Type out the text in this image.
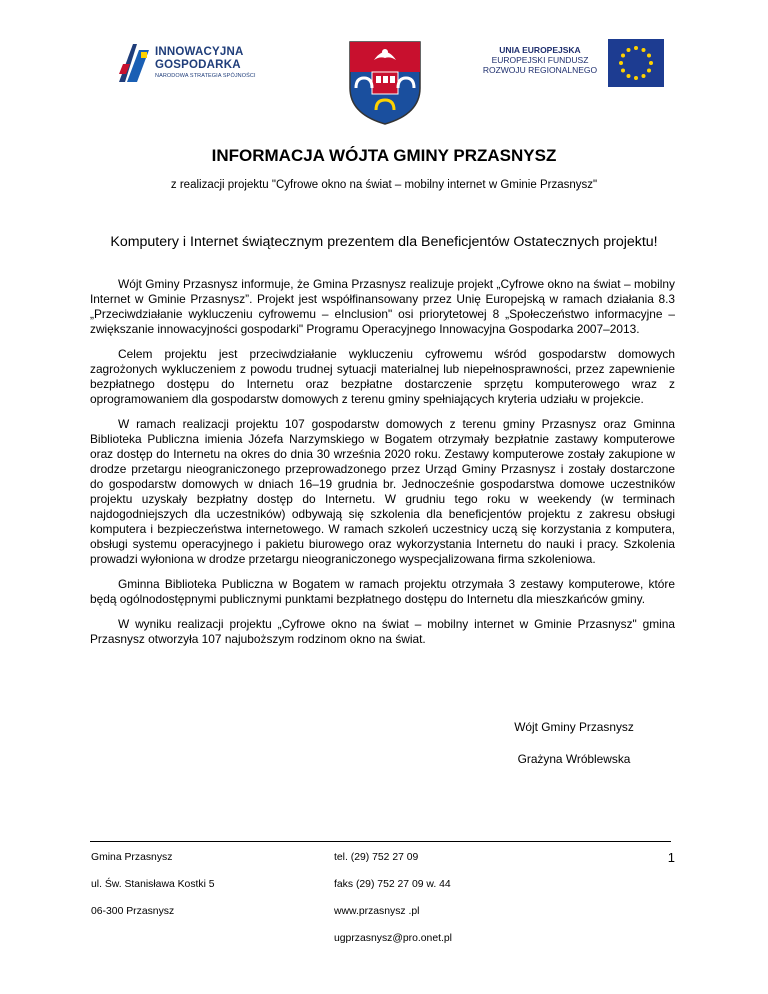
INNOWACYJNA
GOSPODARKA
NARODOWA STRATEGIA SPÓJNOŚCI
UNIA EUROPEJSKA
EUROPEJSKI FUNDUSZ
ROZWOJU REGIONALNEGO
INFORMACJA WÓJTA GMINY PRZASNYSZ
z realizacji projektu "Cyfrowe okno na świat – mobilny internet w Gminie Przasnysz"
Komputery i Internet świątecznym prezentem dla Beneficjentów Ostatecznych projektu!

Wójt Gminy Przasnysz informuje, że Gmina Przasnysz realizuje projekt „Cyfrowe okno na świat – mobilny Internet w Gminie Przasnysz”. Projekt jest współfinansowany przez Unię Europejską w ramach działania 8.3 „Przeciwdziałanie wykluczeniu cyfrowemu – eInclusion" osi priorytetowej 8 „Społeczeństwo informacyjne – zwiększanie innowacyjności gospodarki" Programu Operacyjnego Innowacyjna Gospodarka 2007–2013.

Celem projektu jest przeciwdziałanie wykluczeniu cyfrowemu wśród gospodarstw domowych zagrożonych wykluczeniem z powodu trudnej sytuacji materialnej lub niepełnosprawności, przez zapewnienie bezpłatnego dostępu do Internetu oraz bezpłatne dostarczenie sprzętu komputerowego wraz z oprogramowaniem dla gospodarstw domowych z terenu gminy spełniających kryteria udziału w projekcie.

W ramach realizacji projektu 107 gospodarstw domowych z terenu gminy Przasnysz oraz Gminna Biblioteka Publiczna imienia Józefa Narzymskiego w Bogatem otrzymały bezpłatnie zastawy komputerowe oraz dostęp do Internetu na okres do dnia 30 września 2020 roku. Zestawy komputerowe zostały zakupione w drodze przetargu nieograniczonego przeprowadzonego przez Urząd Gminy Przasnysz i zostały dostarczone do gospodarstw domowych w dniach 16–19 grudnia br. Jednocześnie gospodarstwa domowe uczestników projektu uzyskały bezpłatny dostęp do Internetu. W grudniu tego roku w weekendy (w terminach najdogodniejszych dla uczestników) odbywają się szkolenia dla beneficjentów projektu z zakresu obsługi komputera i bezpieczeństwa internetowego. W ramach szkoleń uczestnicy uczą się korzystania z komputera, obsługi systemu operacyjnego i pakietu biurowego oraz wykorzystania Internetu do nauki i pracy. Szkolenia prowadzi wyłoniona w drodze przetargu nieograniczonego wyspecjalizowana firma szkoleniowa.

Gminna Biblioteka Publiczna w Bogatem w ramach projektu otrzymała 3 zestawy komputerowe, które będą ogólnodostępnymi publicznymi punktami bezpłatnego dostępu do Internetu dla mieszkańców gminy.

W wyniku realizacji projektu „Cyfrowe okno na świat – mobilny internet w Gminie Przasnysz" gmina Przasnysz otworzyła 107 najuboższym rodzinom okno na świat.

Wójt Gminy Przasnysz
Grażyna Wróblewska
Gmina Przasnysz
ul. Św. Stanisława Kostki 5
06-300 Przasnysz
tel. (29) 752 27 09
faks (29) 752 27 09 w. 44
www.przasnysz .pl
ugprzasnysz@pro.onet.pl
1
